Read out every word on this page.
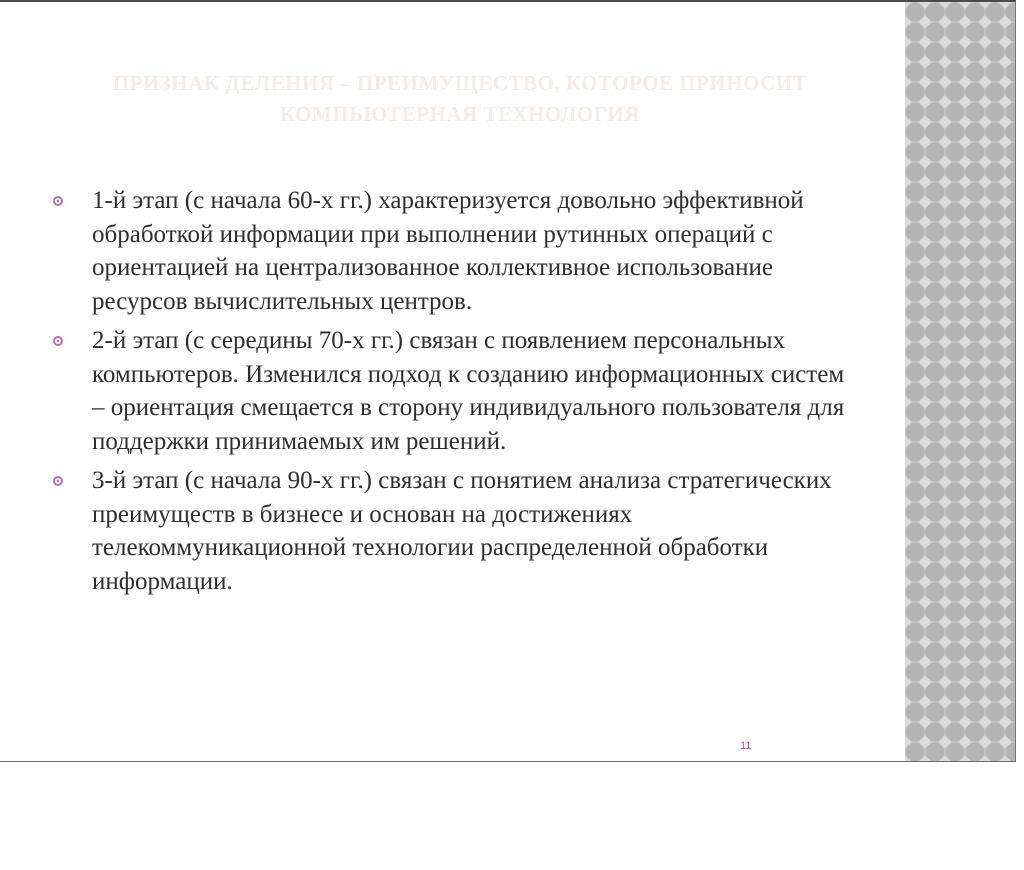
ПРИЗНАК ДЕЛЕНИЯ – ПРЕИМУЩЕСТВО, КОТОРОЕ ПРИНОСИТ КОМПЬЮТЕРНАЯ ТЕХНОЛОГИЯ
1-й этап (с начала 60-х гг.) характеризуется довольно эффективной обработкой информации при выполнении рутинных операций с ориентацией на централизованное коллективное использование ресурсов вычислительных центров.
2-й этап (с середины 70-х гг.) связан с появлением персональных компьютеров. Изменился подход к созданию информационных систем – ориентация смещается в сторону индивидуального пользователя для поддержки принимаемых им решений.
3-й этап (с начала 90-х гг.) связан с понятием анализа стратегических преимуществ в бизнесе и основан на достижениях телекоммуникационной технологии распределенной обработки информации.
11
